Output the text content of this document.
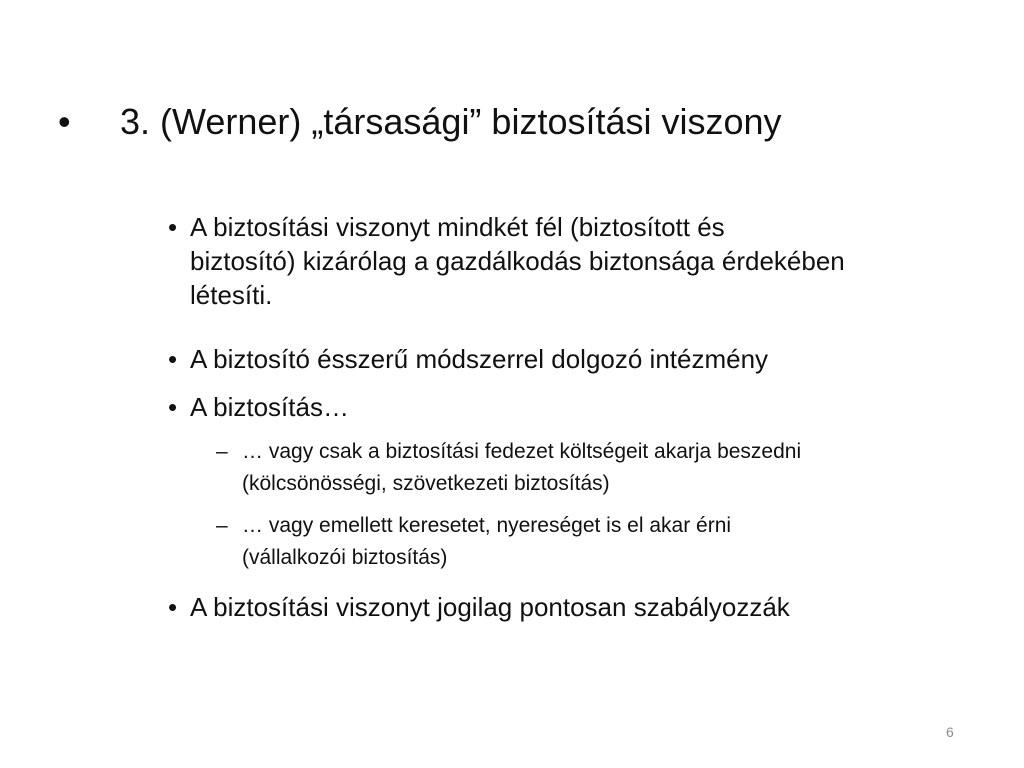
• 3. (Werner) „társasági” biztosítási viszony
• A biztosítási viszonyt mindkét fél (biztosított és
biztosító) kizárólag a gazdálkodás biztonsága érdekében
létesíti.
• A biztosító ésszerű módszerrel dolgozó intézmény
• A biztosítás…
– … vagy csak a biztosítási fedezet költségeit akarja beszedni
(kölcsönösségi, szövetkezeti biztosítás)
– … vagy emellett keresetet, nyereséget is el akar érni
(vállalkozói biztosítás)
• A biztosítási viszonyt jogilag pontosan szabályozzák
6
